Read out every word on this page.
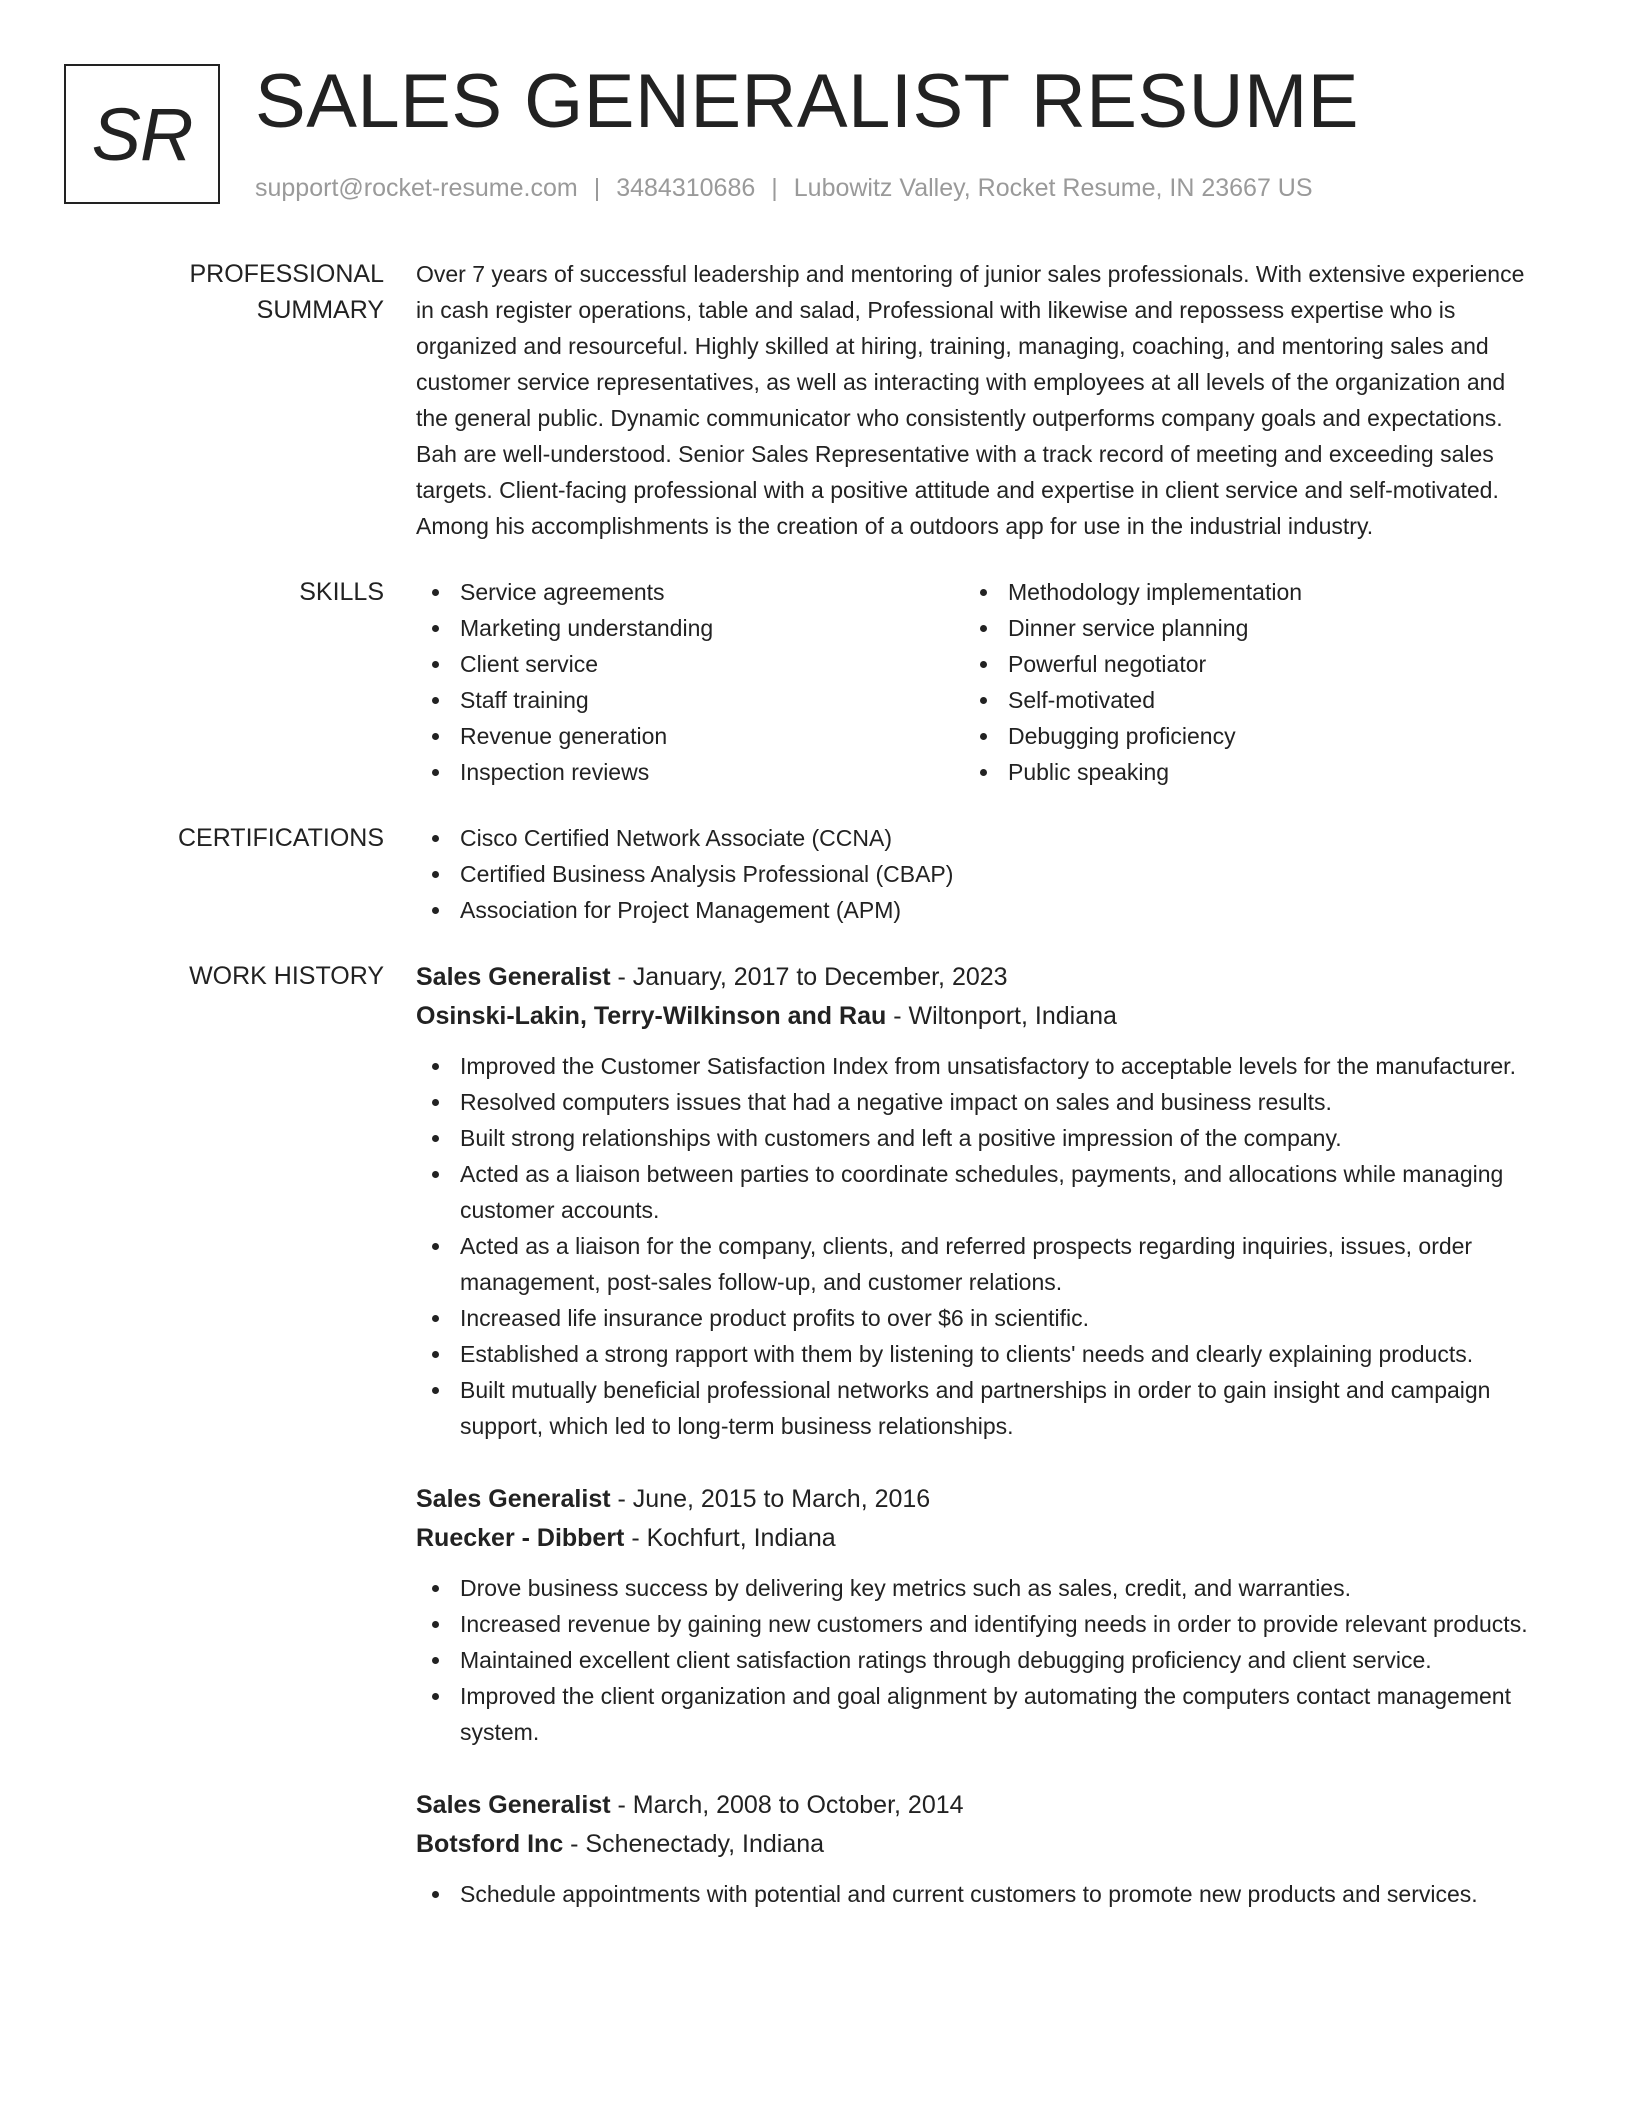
SR SALES GENERALIST RESUME
support@rocket-resume.com | 3484310686 | Lubowitz Valley, Rocket Resume, IN 23667 US
PROFESSIONAL SUMMARY

Over 7 years of successful leadership and mentoring of junior sales professionals. With extensive experience in cash register operations, table and salad, Professional with likewise and repossess expertise who is organized and resourceful. Highly skilled at hiring, training, managing, coaching, and mentoring sales and customer service representatives, as well as interacting with employees at all levels of the organization and the general public. Dynamic communicator who consistently outperforms company goals and expectations. Bah are well-understood. Senior Sales Representative with a track record of meeting and exceeding sales targets. Client-facing professional with a positive attitude and expertise in client service and self-motivated. Among his accomplishments is the creation of a outdoors app for use in the industrial industry.

SKILLS	Service agreements
Marketing understanding
Client service
Staff training
Revenue generation
Inspection reviews
Methodology implementation
Dinner service planning
Powerful negotiator
Self-motivated
Debugging proficiency
Public speaking
CERTIFICATIONS	Cisco Certified Network Associate (CCNA)
Certified Business Analysis Professional (CBAP)
Association for Project Management (APM)
WORK HISTORY	Sales Generalist - January, 2017 to December, 2023
Osinski-Lakin, Terry-Wilkinson and Rau - Wiltonport, Indiana
Improved the Customer Satisfaction Index from unsatisfactory to acceptable levels for the manufacturer.
Resolved computers issues that had a negative impact on sales and business results.
Built strong relationships with customers and left a positive impression of the company.
Acted as a liaison between parties to coordinate schedules, payments, and allocations while managing customer accounts.
Acted as a liaison for the company, clients, and referred prospects regarding inquiries, issues, order management, post-sales follow-up, and customer relations.
Increased life insurance product profits to over $6 in scientific.
Established a strong rapport with them by listening to clients' needs and clearly explaining products.
Built mutually beneficial professional networks and partnerships in order to gain insight and campaign support, which led to long-term business relationships.
Sales Generalist - June, 2015 to March, 2016
Ruecker - Dibbert - Kochfurt, Indiana
Drove business success by delivering key metrics such as sales, credit, and warranties.
Increased revenue by gaining new customers and identifying needs in order to provide relevant products.
Maintained excellent client satisfaction ratings through debugging proficiency and client service.
Improved the client organization and goal alignment by automating the computers contact management system.
Sales Generalist - March, 2008 to October, 2014
Botsford Inc - Schenectady, Indiana
Schedule appointments with potential and current customers to promote new products and services.
